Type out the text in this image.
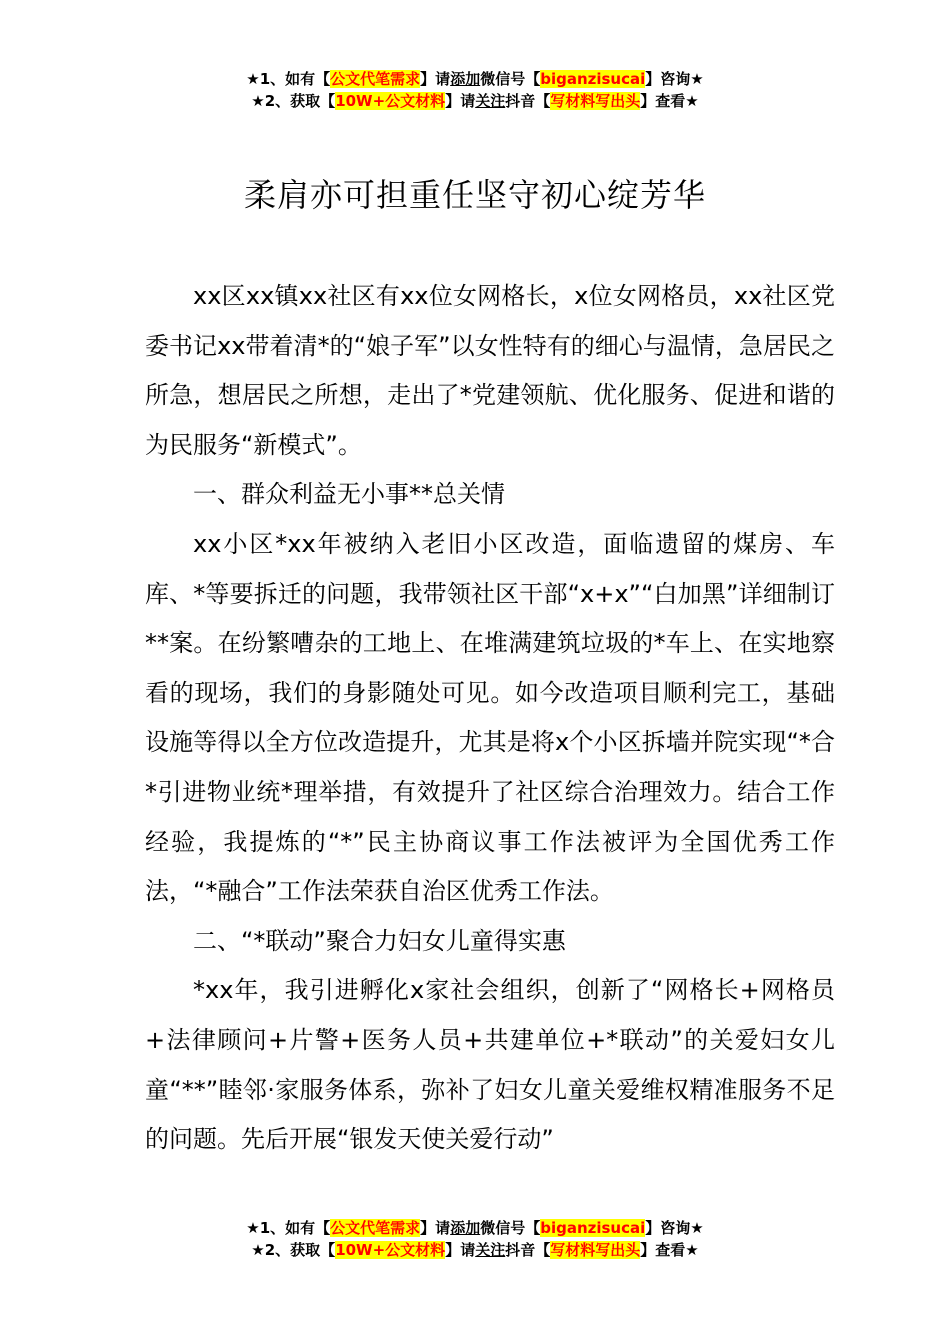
★1、如有【公文代笔需求】请添加微信号【biganzisucai】咨询★
★2、获取【10W+公文材料】请关注抖音【写材料写出头】查看★
柔肩亦可担重任坚守初心绽芳华

xx区xx镇xx社区有xx位女网格长，x位女网格员，xx社区党委书记xx带着清*的“娘子军”以女性特有的细心与温情，急居民之所急，想居民之所想，走出了*党建领航、优化服务、促进和谐的为民服务“新模式”。

一、群众利益无小事**总关情

xx小区*xx年被纳入老旧小区改造，面临遗留的煤房、车库、*等要拆迁的问题，我带领社区干部“x+x”“白加黑”详细制订**案。在纷繁嘈杂的工地上、在堆满建筑垃圾的*车上、在实地察看的现场，我们的身影随处可见。如今改造项目顺利完工，基础设施等得以全方位改造提升，尤其是将x个小区拆墙并院实现“*合*引进物业统*理举措，有效提升了社区综合治理效力。结合工作经验，我提炼的“*”民主协商议事工作法被评为全国优秀工作法，“*融合”工作法荣获自治区优秀工作法。

二、“*联动”聚合力妇女儿童得实惠

*xx年，我引进孵化x家社会组织，创新了“网格长+网格员+法律顾问+片警+医务人员+共建单位+*联动”的关爱妇女儿童“**”睦邻·家服务体系，弥补了妇女儿童关爱维权精准服务不足的问题。先后开展“银发天使关爱行动”

★1、如有【公文代笔需求】请添加微信号【biganzisucai】咨询★
★2、获取【10W+公文材料】请关注抖音【写材料写出头】查看★
